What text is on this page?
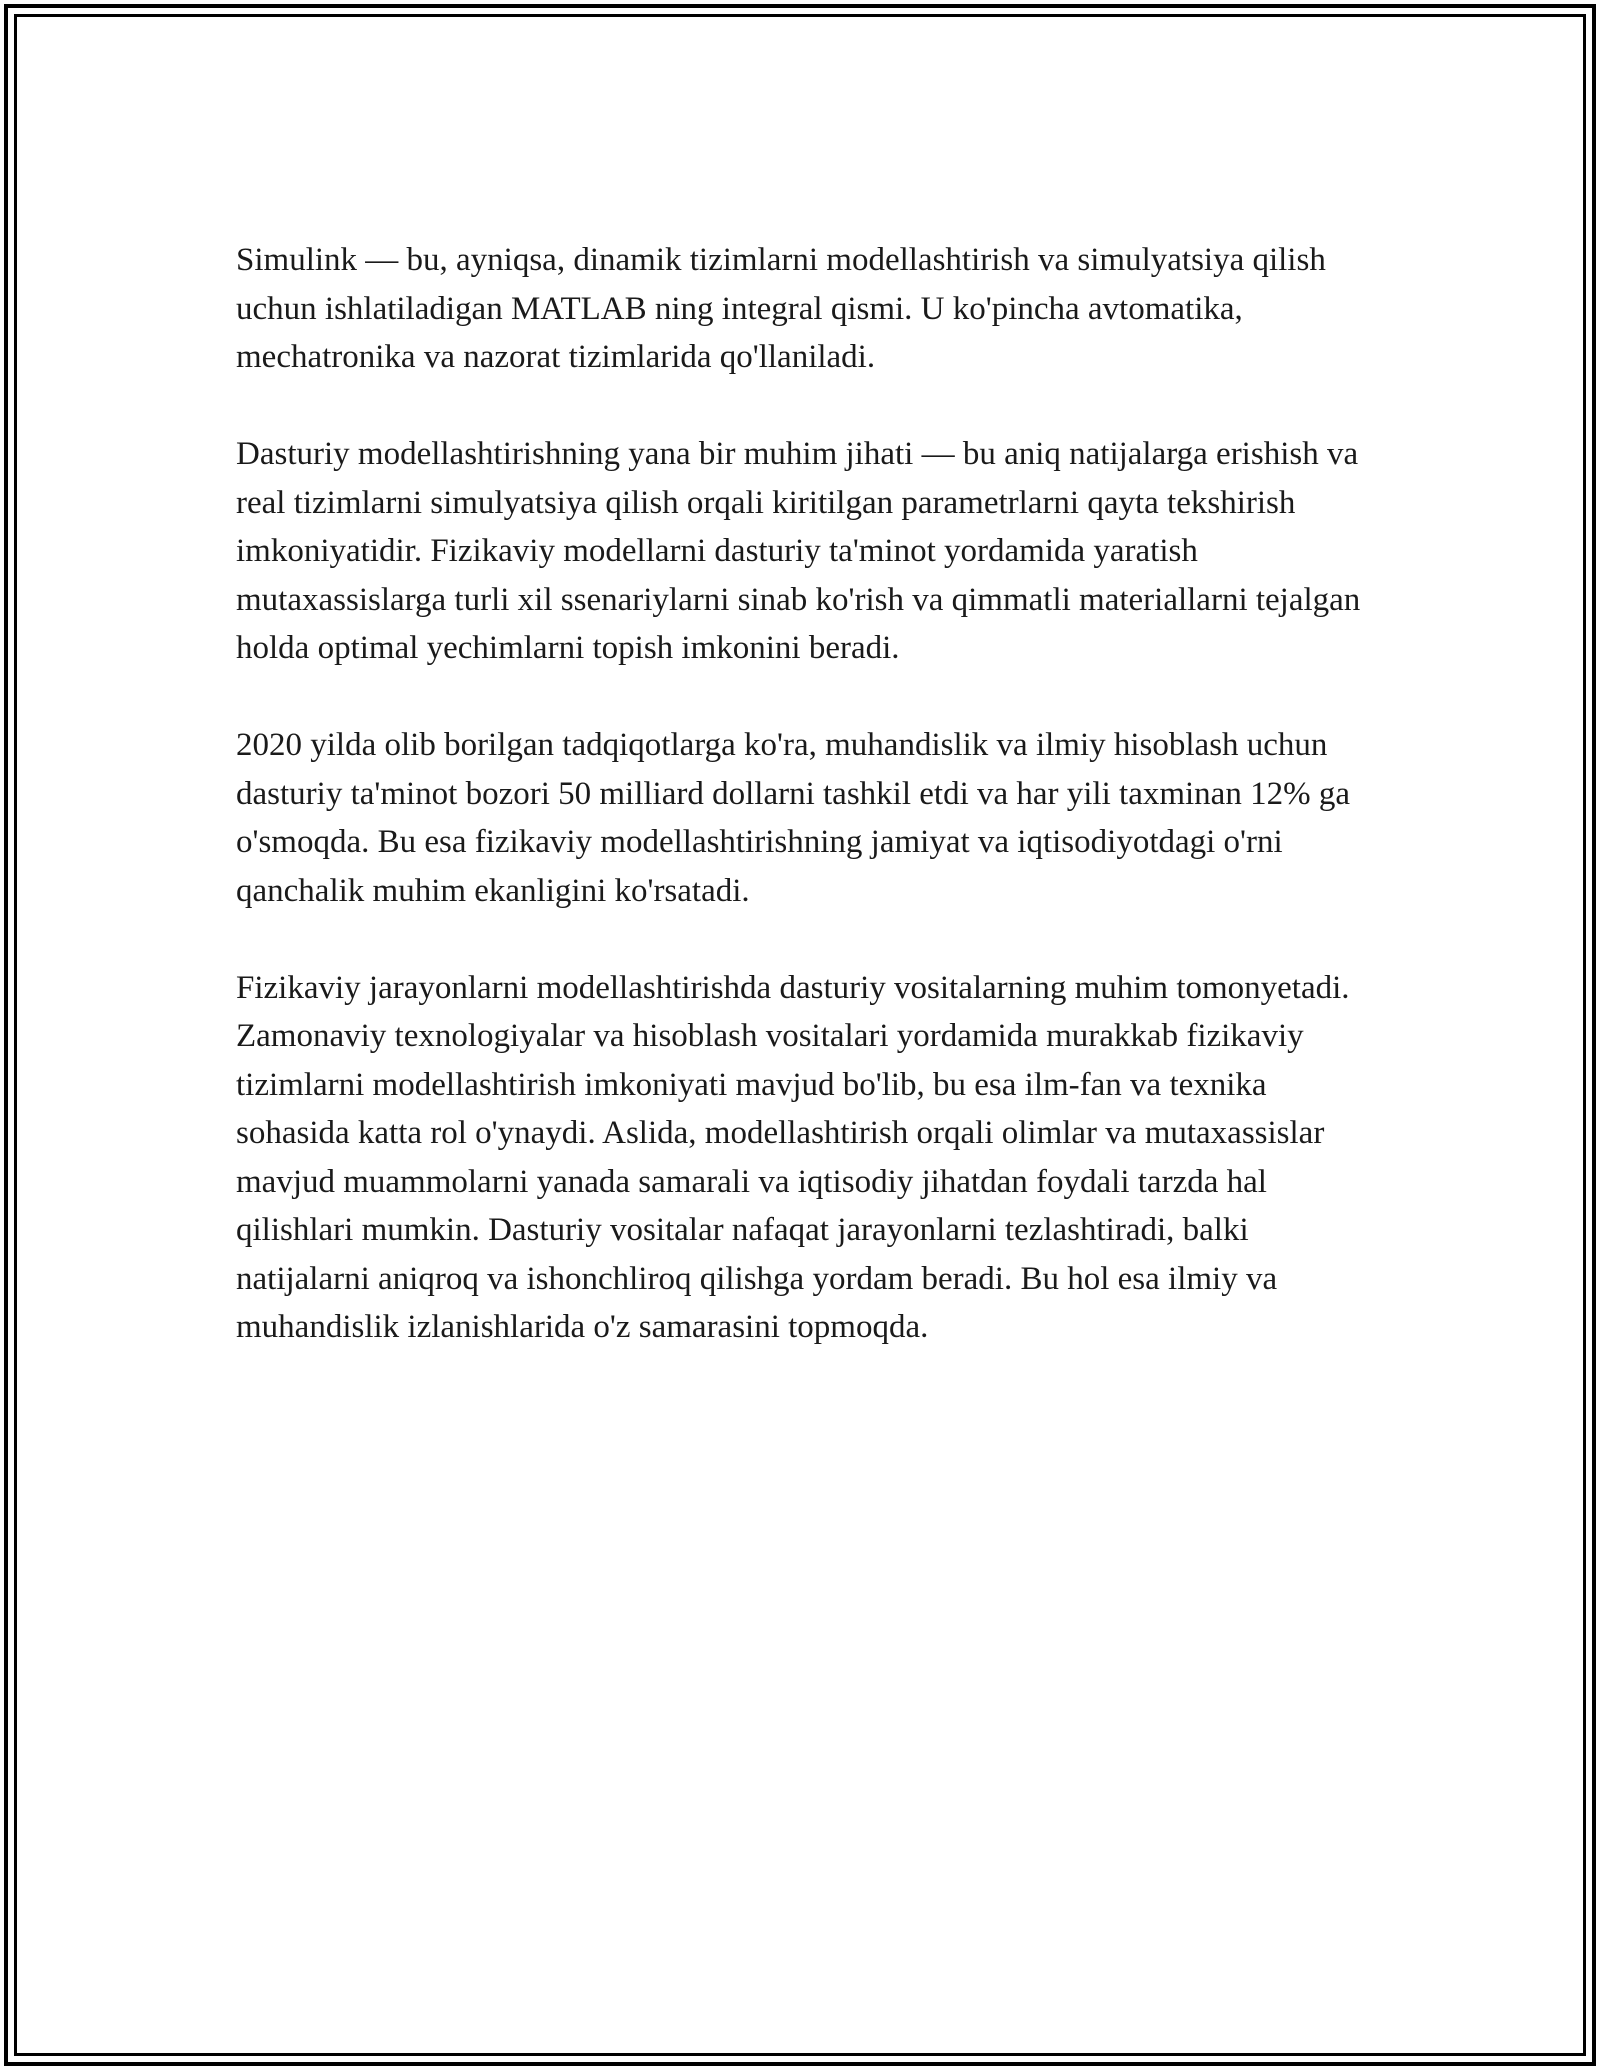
Simulink — bu, ayniqsa, dinamik tizimlarni modellashtirish va simulyatsiya qilish uchun ishlatiladigan MATLAB ning integral qismi. U ko'pincha avtomatika, mechatronika va nazorat tizimlarida qo'llaniladi.

Dasturiy modellashtirishning yana bir muhim jihati — bu aniq natijalarga erishish va real tizimlarni simulyatsiya qilish orqali kiritilgan parametrlarni qayta tekshirish imkoniyatidir. Fizikaviy modellarni dasturiy ta'minot yordamida yaratish mutaxassislarga turli xil ssenariylarni sinab ko'rish va qimmatli materiallarni tejalgan holda optimal yechimlarni topish imkonini beradi.

2020 yilda olib borilgan tadqiqotlarga ko'ra, muhandislik va ilmiy hisoblash uchun dasturiy ta'minot bozori 50 milliard dollarni tashkil etdi va har yili taxminan 12% ga o'smoqda. Bu esa fizikaviy modellashtirishning jamiyat va iqtisodiyotdagi o'rni qanchalik muhim ekanligini ko'rsatadi.

Fizikaviy jarayonlarni modellashtirishda dasturiy vositalarning muhim tomonyetadi. Zamonaviy texnologiyalar va hisoblash vositalari yordamida murakkab fizikaviy tizimlarni modellashtirish imkoniyati mavjud bo'lib, bu esa ilm-fan va texnika sohasida katta rol o'ynaydi. Aslida, modellashtirish orqali olimlar va mutaxassislar mavjud muammolarni yanada samarali va iqtisodiy jihatdan foydali tarzda hal qilishlari mumkin. Dasturiy vositalar nafaqat jarayonlarni tezlashtiradi, balki natijalarni aniqroq va ishonchliroq qilishga yordam beradi. Bu hol esa ilmiy va muhandislik izlanishlarida o'z samarasini topmoqda.
